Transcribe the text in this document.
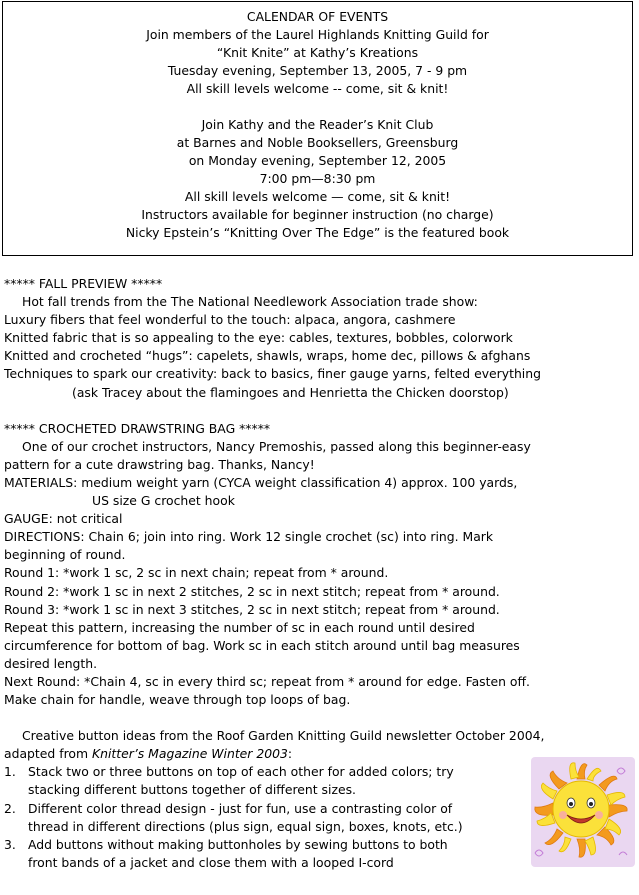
CALENDAR OF EVENTS
Join members of the Laurel Highlands Knitting Guild for
“Knit Knite” at Kathy’s Kreations
Tuesday evening, September 13, 2005, 7 - 9 pm
All skill levels welcome -- come, sit & knit!
Join Kathy and the Reader’s Knit Club
at Barnes and Noble Booksellers, Greensburg
on Monday evening, September 12, 2005
7:00 pm—8:30 pm
All skill levels welcome — come, sit & knit!
Instructors available for beginner instruction (no charge)
Nicky Epstein’s “Knitting Over The Edge” is the featured book
***** FALL PREVIEW *****
Hot fall trends from the The National Needlework Association trade show:
Luxury fibers that feel wonderful to the touch: alpaca, angora, cashmere
Knitted fabric that is so appealing to the eye: cables, textures, bobbles, colorwork
Knitted and crocheted “hugs”: capelets, shawls, wraps, home dec, pillows & afghans
Techniques to spark our creativity: back to basics, finer gauge yarns, felted everything
(ask Tracey about the flamingoes and Henrietta the Chicken doorstop)
***** CROCHETED DRAWSTRING BAG *****
One of our crochet instructors, Nancy Premoshis, passed along this beginner-easy
pattern for a cute drawstring bag. Thanks, Nancy!
MATERIALS: medium weight yarn (CYCA weight classification 4) approx. 100 yards,
US size G crochet hook
GAUGE: not critical
DIRECTIONS: Chain 6; join into ring. Work 12 single crochet (sc) into ring. Mark
beginning of round.
Round 1: *work 1 sc, 2 sc in next chain; repeat from * around.
Round 2: *work 1 sc in next 2 stitches, 2 sc in next stitch; repeat from * around.
Round 3: *work 1 sc in next 3 stitches, 2 sc in next stitch; repeat from * around.
Repeat this pattern, increasing the number of sc in each round until desired
circumference for bottom of bag. Work sc in each stitch around until bag measures
desired length.
Next Round: *Chain 4, sc in every third sc; repeat from * around for edge. Fasten off.
Make chain for handle, weave through top loops of bag.
Creative button ideas from the Roof Garden Knitting Guild newsletter October 2004,
adapted from Knitter’s Magazine Winter 2003:
1. Stack two or three buttons on top of each other for added colors; try
stacking different buttons together of different sizes.
2. Different color thread design - just for fun, use a contrasting color of
thread in different directions (plus sign, equal sign, boxes, knots, etc.)
3. Add buttons without making buttonholes by sewing buttons to both
front bands of a jacket and close them with a looped I-cord
